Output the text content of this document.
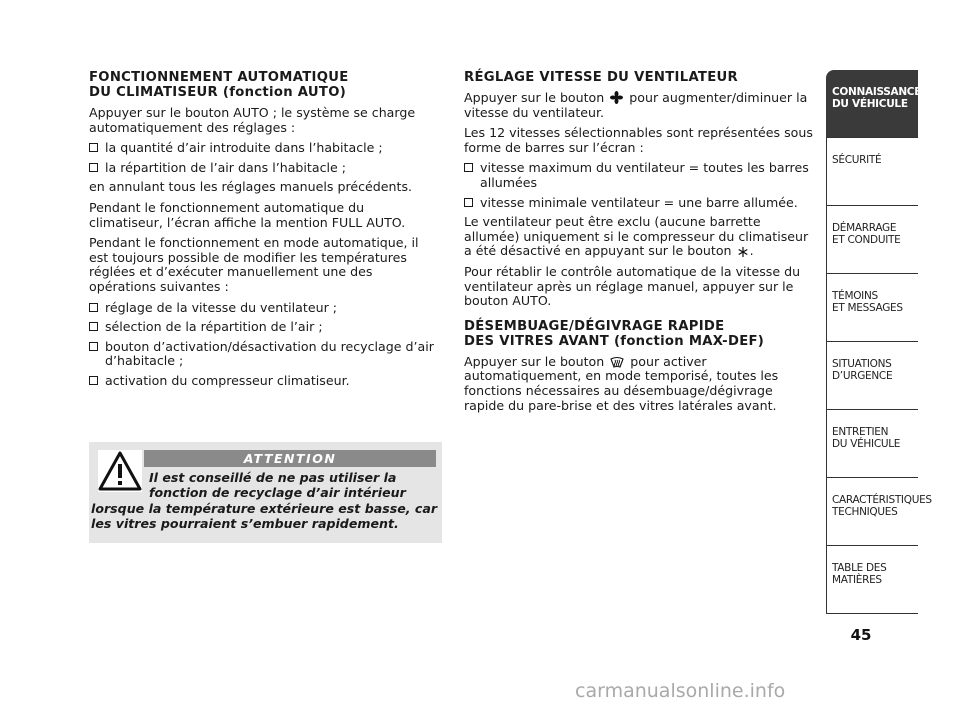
FONCTIONNEMENT AUTOMATIQUE
DU CLIMATISEUR (fonction AUTO)

Appuyer sur le bouton AUTO ; le système se charge automatiquement des réglages :

la quantité d’air introduite dans l’habitacle ;
la répartition de l’air dans l’habitacle ;

en annulant tous les réglages manuels précédents.

Pendant le fonctionnement automatique du climatiseur, l’écran affiche la mention FULL AUTO.

Pendant le fonctionnement en mode automatique, il est toujours possible de modifier les températures réglées et d’exécuter manuellement une des opérations suivantes :

réglage de la vitesse du ventilateur ;
sélection de la répartition de l’air ;
bouton d’activation/désactivation du recyclage d’air d’habitacle ;
activation du compresseur climatiseur.
ATTENTION
Il est conseillé de ne pas utiliser la
fonction de recyclage d’air intérieur
lorsque la température extérieure est basse, car les vitres pourraient s’embuer rapidement.
RÉGLAGE VITESSE DU VENTILATEUR

Appuyer sur le bouton pour augmenter/diminuer la vitesse du ventilateur.

Les 12 vitesses sélectionnables sont représentées sous forme de barres sur l’écran :

vitesse maximum du ventilateur = toutes les barres allumées
vitesse minimale ventilateur = une barre allumée.

Le ventilateur peut être exclu (aucune barrette allumée) uniquement si le compresseur du climatiseur a été désactivé en appuyant sur le bouton .

Pour rétablir le contrôle automatique de la vitesse du ventilateur après un réglage manuel, appuyer sur le bouton AUTO.

DÉSEMBUAGE/DÉGIVRAGE RAPIDE
DES VITRES AVANT (fonction MAX-DEF)

Appuyer sur le bouton pour activer automatiquement, en mode temporisé, toutes les fonctions nécessaires au désembuage/dégivrage rapide du pare-brise et des vitres latérales avant.

CONNAISSANCE
DU VÉHICULE
SÉCURITÉ
DÉMARRAGE
ET CONDUITE
TÉMOINS
ET MESSAGES
SITUATIONS
D’URGENCE
ENTRETIEN
DU VÉHICULE
CARACTÉRISTIQUES
TECHNIQUES
TABLE DES
MATIÈRES
45
carmanualsonline.info
